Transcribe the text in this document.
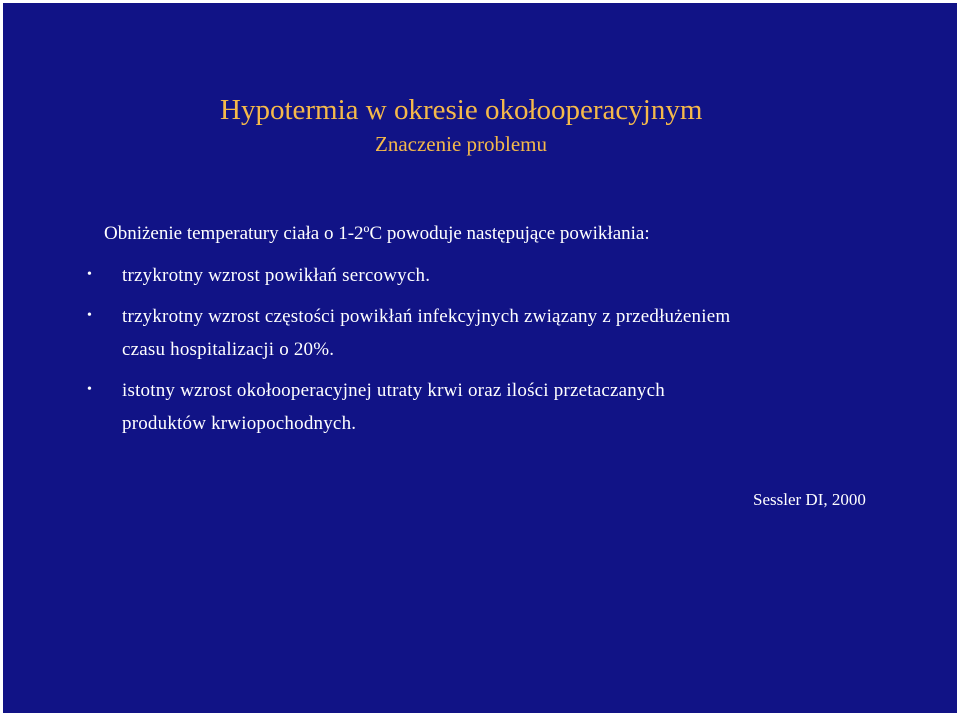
Hypotermia w okresie okołooperacyjnym
Znaczenie problemu
Obniżenie temperatury ciała o 1-2ºC powoduje następujące powikłania:
• trzykrotny wzrost powikłań sercowych.
• trzykrotny wzrost częstości powikłań infekcyjnych związany z przedłużeniem
czasu hospitalizacji o 20%.
• istotny wzrost okołooperacyjnej utraty krwi oraz ilości przetaczanych
produktów krwiopochodnych.
Sessler DI, 2000
